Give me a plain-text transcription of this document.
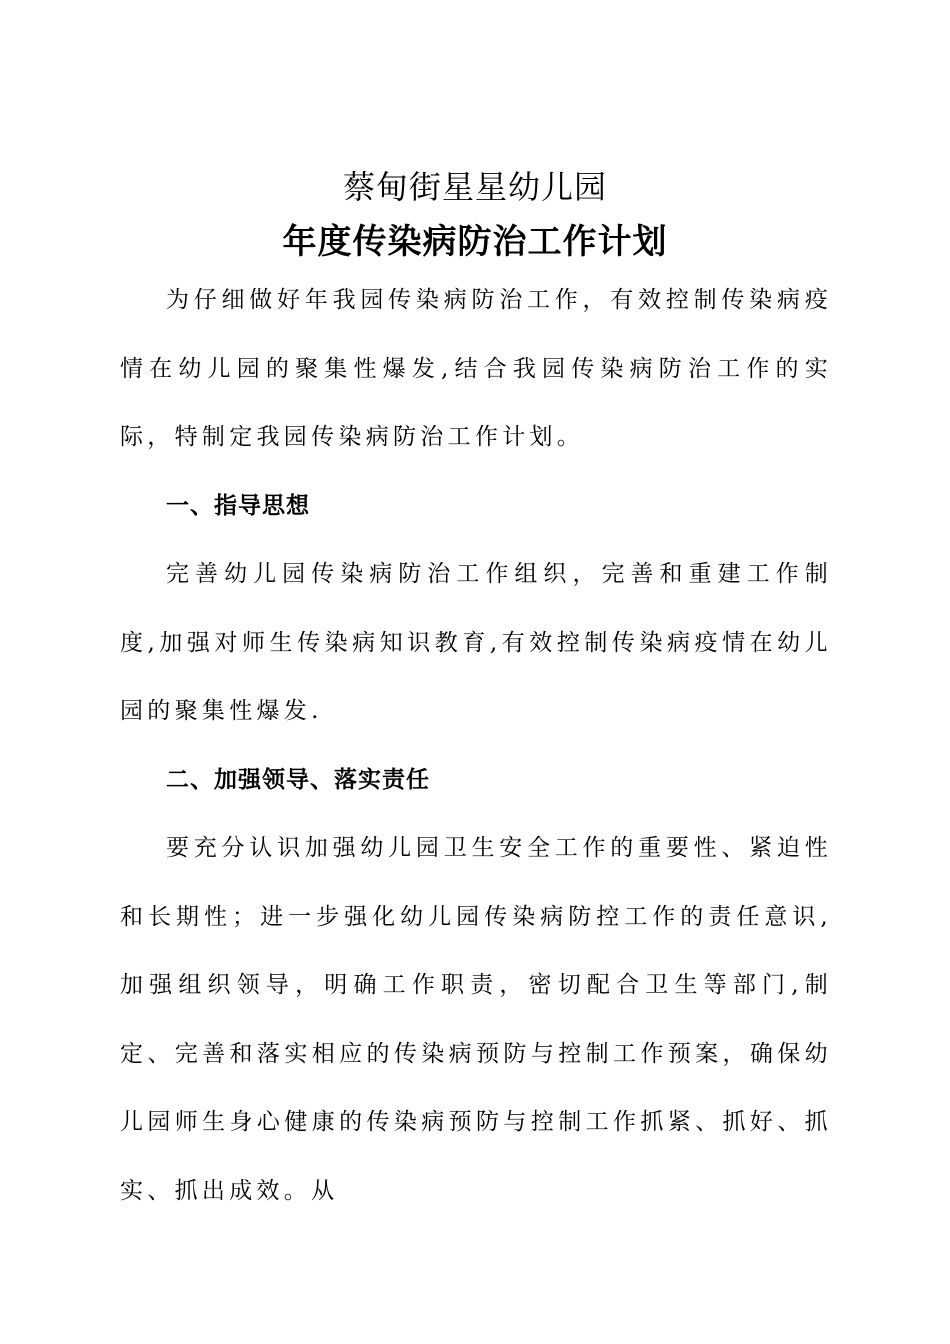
蔡甸街星星幼儿园
年度传染病防治工作计划

为仔细做好年我园传染病防治工作，有效控制传染病疫情在幼儿园的聚集性爆发,结合我园传染病防治工作的实际，特制定我园传染病防治工作计划。

一、指导思想

完善幼儿园传染病防治工作组织，完善和重建工作制度,加强对师生传染病知识教育,有效控制传染病疫情在幼儿园的聚集性爆发.

二、加强领导、落实责任

要充分认识加强幼儿园卫生安全工作的重要性、紧迫性和长期性；进一步强化幼儿园传染病防控工作的责任意识,加强组织领导，明确工作职责，密切配合卫生等部门,制定、完善和落实相应的传染病预防与控制工作预案，确保幼儿园师生身心健康的传染病预防与控制工作抓紧、抓好、抓实、抓出成效。从
